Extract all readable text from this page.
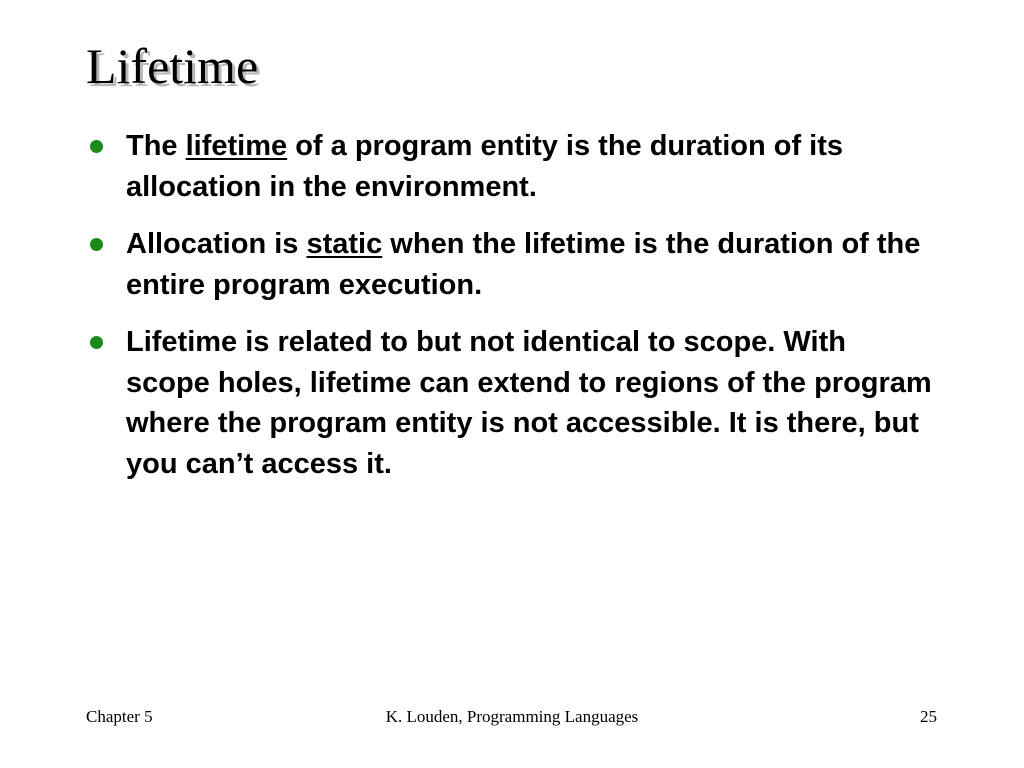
Lifetime
The lifetime of a program entity is the duration of its allocation in the environment.
Allocation is static when the lifetime is the duration of the entire program execution.
Lifetime is related to but not identical to scope. With scope holes, lifetime can extend to regions of the program where the program entity is not accessible. It is there, but you can’t access it.
Chapter 5	K. Louden, Programming Languages	25
